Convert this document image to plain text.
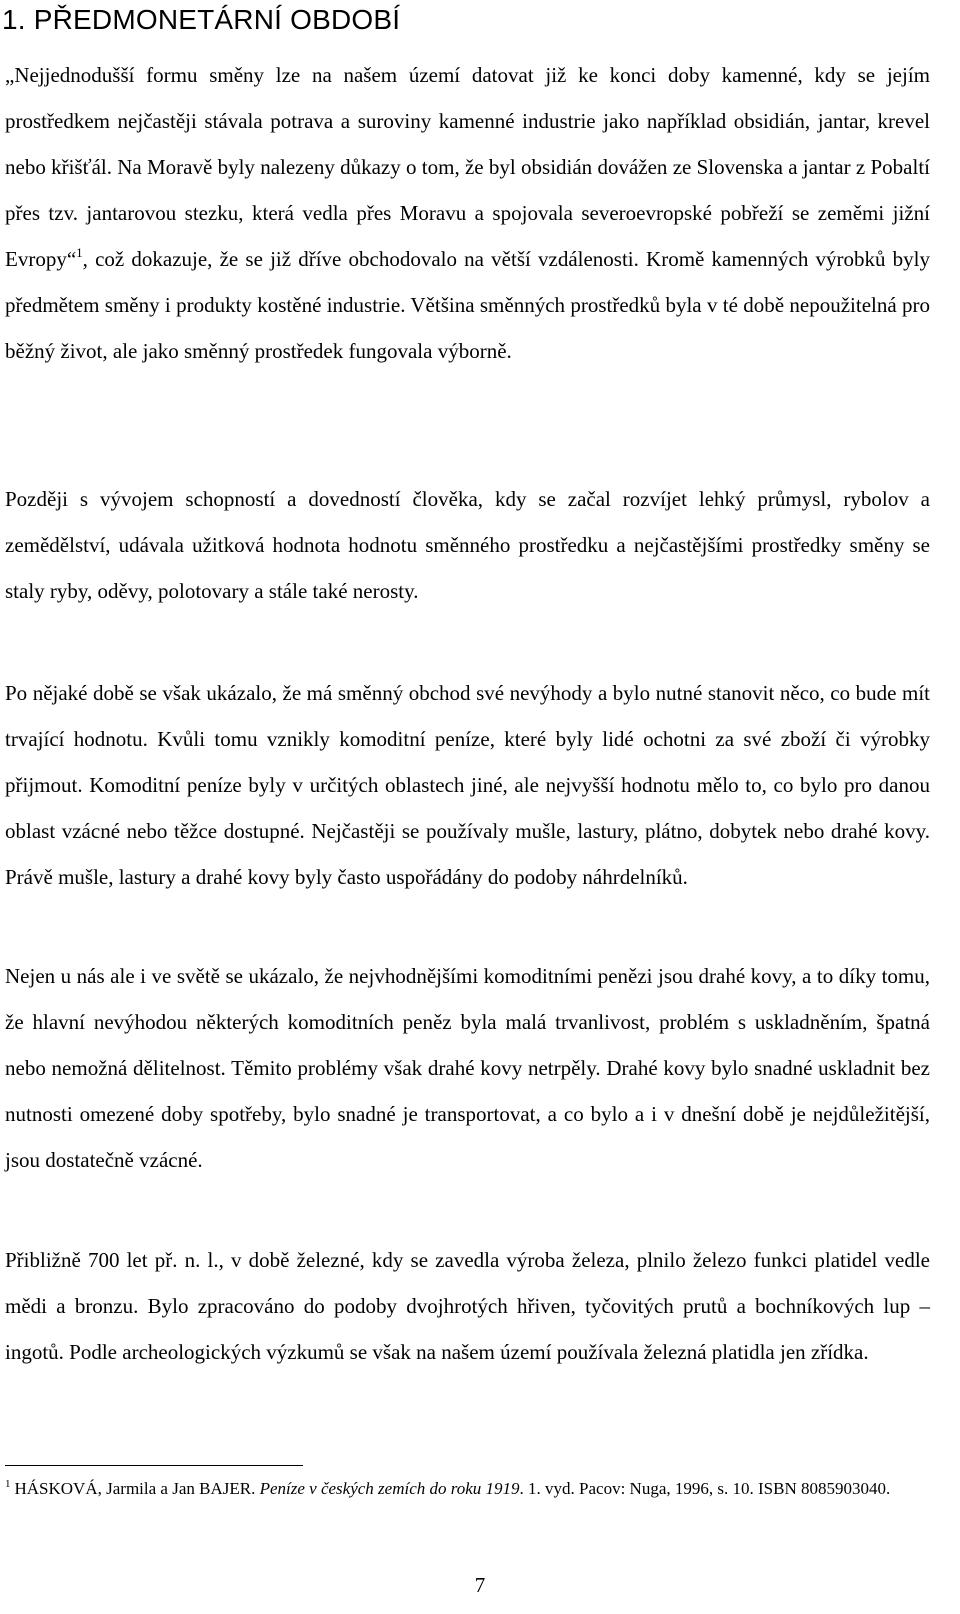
1. PŘEDMONETÁRNÍ OBDOBÍ

„Nejjednodušší formu směny lze na našem území datovat již ke konci doby kamenné, kdy se jejím prostředkem nejčastěji stávala potrava a suroviny kamenné industrie jako například obsidián, jantar, krevel nebo křišťál. Na Moravě byly nalezeny důkazy o tom, že byl obsidián dovážen ze Slovenska a jantar z Pobaltí přes tzv. jantarovou stezku, která vedla přes Moravu a spojovala severoevropské pobřeží se zeměmi jižní Evropy“$^1$, což dokazuje, že se již dříve obchodovalo na větší vzdálenosti. Kromě kamenných výrobků byly předmětem směny i produkty kostěné industrie. Většina směnných prostředků byla v té době nepoužitelná pro běžný život, ale jako směnný prostředek fungovala výborně.

Později s vývojem schopností a dovedností člověka, kdy se začal rozvíjet lehký průmysl, rybolov a zemědělství, udávala užitková hodnota hodnotu směnného prostředku a nejčastějšími prostředky směny se staly ryby, oděvy, polotovary a stále také nerosty.

Po nějaké době se však ukázalo, že má směnný obchod své nevýhody a bylo nutné stanovit něco, co bude mít trvající hodnotu. Kvůli tomu vznikly komoditní peníze, které byly lidé ochotni za své zboží či výrobky přijmout. Komoditní peníze byly v určitých oblastech jiné, ale nejvyšší hodnotu mělo to, co bylo pro danou oblast vzácné nebo těžce dostupné. Nejčastěji se používaly mušle, lastury, plátno, dobytek nebo drahé kovy. Právě mušle, lastury a drahé kovy byly často uspořádány do podoby náhrdelníků.

Nejen u nás ale i ve světě se ukázalo, že nejvhodnějšími komoditními penězi jsou drahé kovy, a to díky tomu, že hlavní nevýhodou některých komoditních peněz byla malá trvanlivost, problém s uskladněním, špatná nebo nemožná dělitelnost. Těmito problémy však drahé kovy netrpěly. Drahé kovy bylo snadné uskladnit bez nutnosti omezené doby spotřeby, bylo snadné je transportovat, a co bylo a i v dnešní době je nejdůležitější, jsou dostatečně vzácné.

Přibližně 700 let př. n. l., v době železné, kdy se zavedla výroba železa, plnilo železo funkci platidel vedle mědi a bronzu. Bylo zpracováno do podoby dvojhrotých hřiven, tyčovitých prutů a bochníkových lup – ingotů. Podle archeologických výzkumů se však na našem území používala železná platidla jen zřídka.

$^1$ HÁSKOVÁ, Jarmila a Jan BAJER. Peníze v českých zemích do roku 1919. 1. vyd. Pacov: Nuga, 1996, s. 10. ISBN 8085903040.
7
